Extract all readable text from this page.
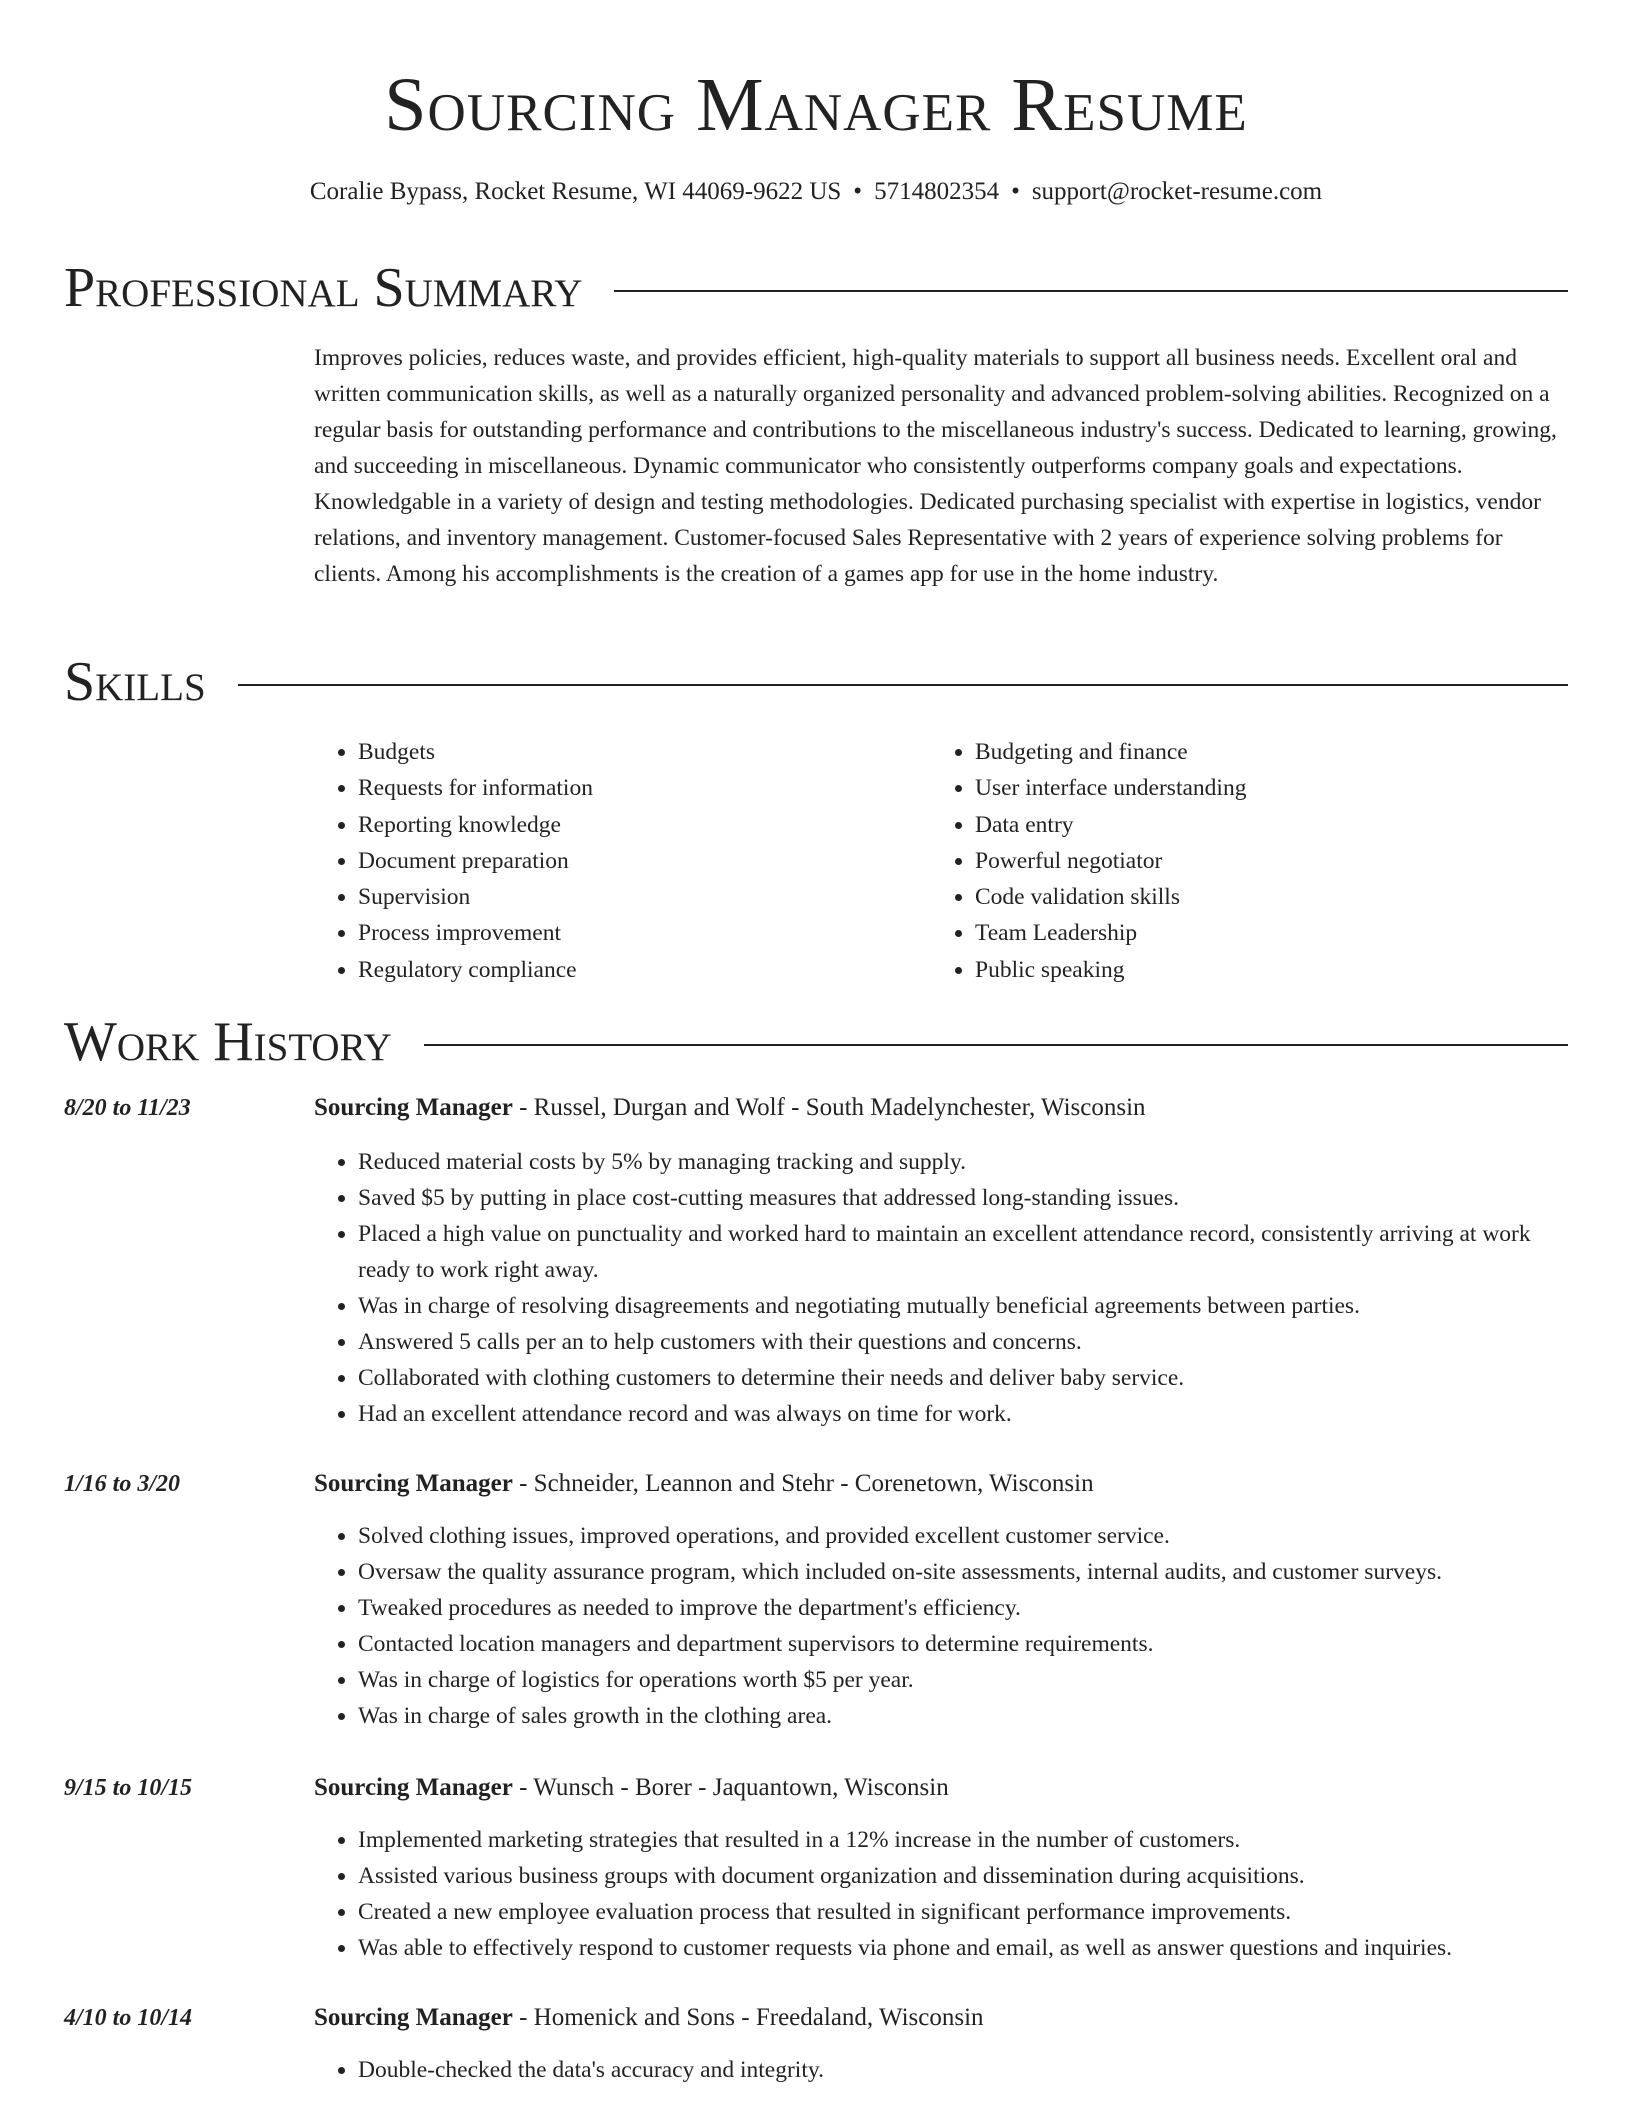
Sourcing Manager Resume
Coralie Bypass, Rocket Resume, WI 44069-9622 US • 5714802354 • support@rocket-resume.com
Professional Summary

Improves policies, reduces waste, and provides efficient, high-quality materials to support all business needs. Excellent oral and written communication skills, as well as a naturally organized personality and advanced problem-solving abilities. Recognized on a regular basis for outstanding performance and contributions to the miscellaneous industry's success. Dedicated to learning, growing, and succeeding in miscellaneous. Dynamic communicator who consistently outperforms company goals and expectations. Knowledgable in a variety of design and testing methodologies. Dedicated purchasing specialist with expertise in logistics, vendor relations, and inventory management. Customer-focused Sales Representative with 2 years of experience solving problems for clients. Among his accomplishments is the creation of a games app for use in the home industry.

Skills
• Budgets
• Requests for information
• Reporting knowledge
• Document preparation
• Supervision
• Process improvement
• Regulatory compliance
• Budgeting and finance
• User interface understanding
• Data entry
• Powerful negotiator
• Code validation skills
• Team Leadership
• Public speaking
Work History
8/20 to 11/23	Sourcing Manager - Russel, Durgan and Wolf - South Madelynchester, Wisconsin
• Reduced material costs by 5% by managing tracking and supply.
• Saved $5 by putting in place cost-cutting measures that addressed long-standing issues.
• Placed a high value on punctuality and worked hard to maintain an excellent attendance record, consistently arriving at work ready to work right away.
• Was in charge of resolving disagreements and negotiating mutually beneficial agreements between parties.
• Answered 5 calls per an to help customers with their questions and concerns.
• Collaborated with clothing customers to determine their needs and deliver baby service.
• Had an excellent attendance record and was always on time for work.
1/16 to 3/20	Sourcing Manager - Schneider, Leannon and Stehr - Corenetown, Wisconsin
• Solved clothing issues, improved operations, and provided excellent customer service.
• Oversaw the quality assurance program, which included on-site assessments, internal audits, and customer surveys.
• Tweaked procedures as needed to improve the department's efficiency.
• Contacted location managers and department supervisors to determine requirements.
• Was in charge of logistics for operations worth $5 per year.
• Was in charge of sales growth in the clothing area.
9/15 to 10/15	Sourcing Manager - Wunsch - Borer - Jaquantown, Wisconsin
• Implemented marketing strategies that resulted in a 12% increase in the number of customers.
• Assisted various business groups with document organization and dissemination during acquisitions.
• Created a new employee evaluation process that resulted in significant performance improvements.
• Was able to effectively respond to customer requests via phone and email, as well as answer questions and inquiries.
4/10 to 10/14	Sourcing Manager - Homenick and Sons - Freedaland, Wisconsin
• Double-checked the data's accuracy and integrity.
